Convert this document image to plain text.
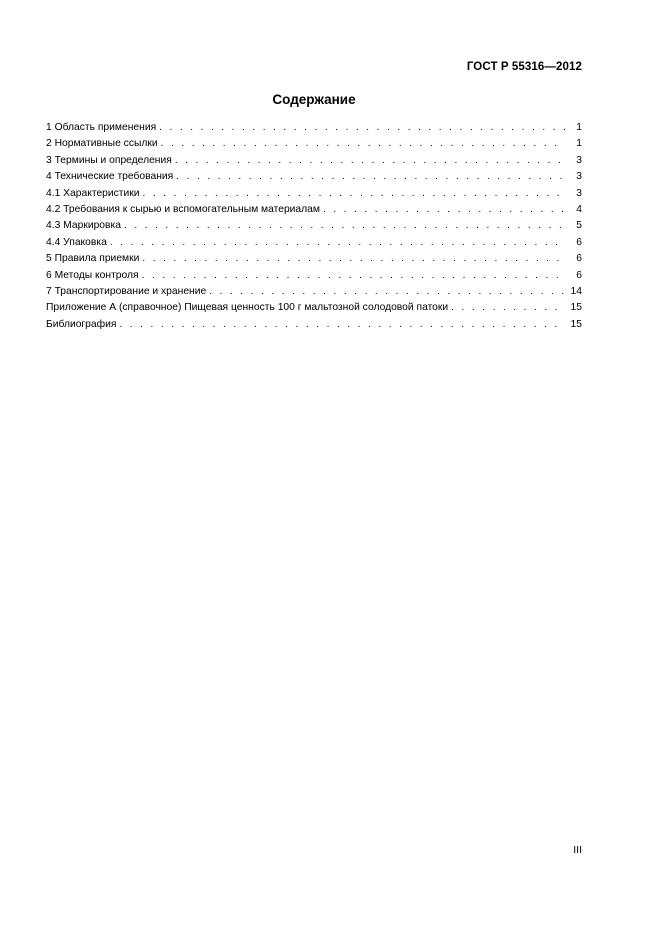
ГОСТ Р 55316—2012
Содержание
1 Область применения . . .	1
2 Нормативные ссылки . . .	1
3 Термины и определения . . .	3
4 Технические требования . . .	3
4.1 Характеристики . . .	3
4.2 Требования к сырью и вспомогательным материалам . . .	4
4.3 Маркировка . . .	5
4.4 Упаковка . . .	6
5 Правила приемки . . .	6
6 Методы контроля . . .	6
7 Транспортирование и хранение . . .	14
Приложение А (справочное) Пищевая ценность 100 г мальтозной солодовой патоки . . .	15
Библиография . . .	15
III
